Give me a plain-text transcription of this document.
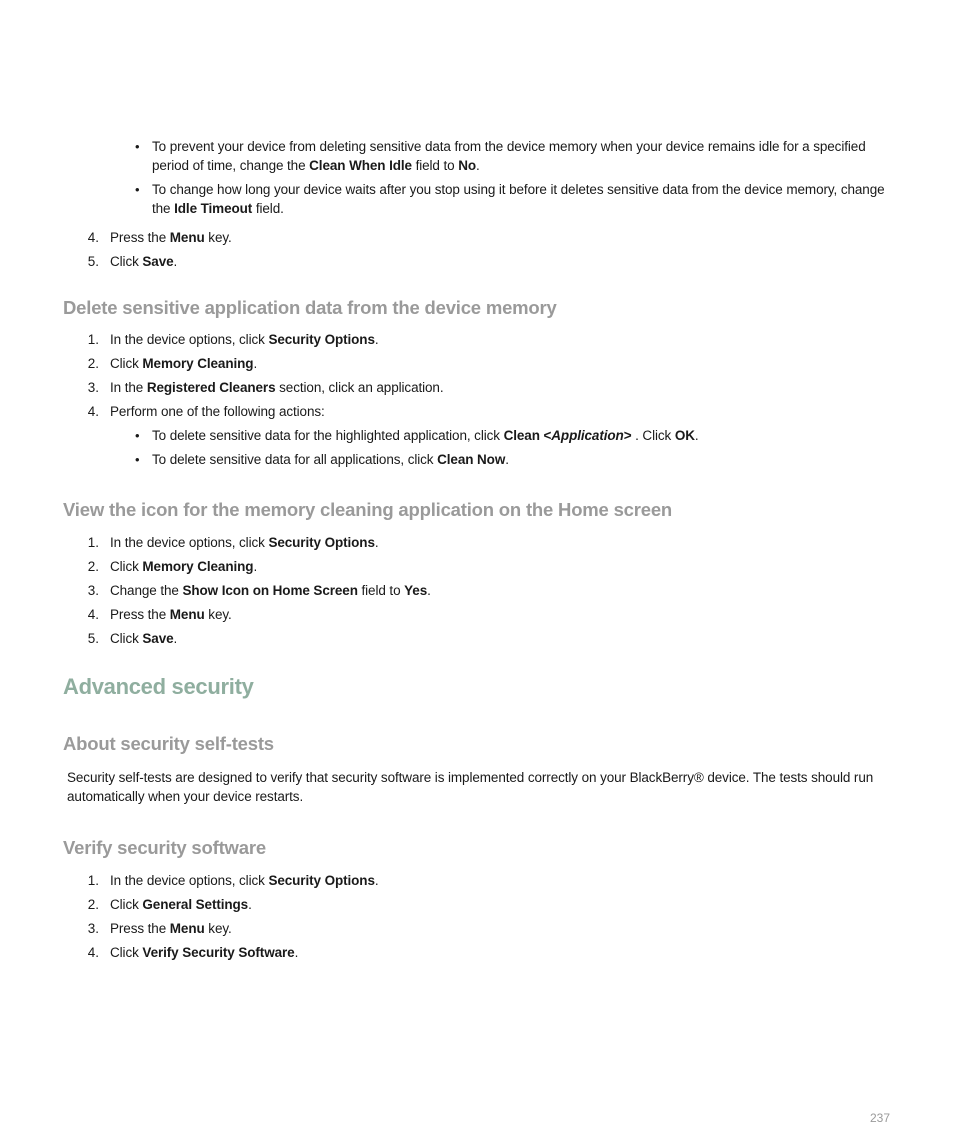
• To prevent your device from deleting sensitive data from the device memory when your device remains idle for a specified
period of time, change the Clean When Idle field to No.
• To change how long your device waits after you stop using it before it deletes sensitive data from the device memory, change
the Idle Timeout field.
4. Press the Menu key.
5. Click Save.
Delete sensitive application data from the device memory
1. In the device options, click Security Options.
2. Click Memory Cleaning.
3. In the Registered Cleaners section, click an application.
4. Perform one of the following actions:
• To delete sensitive data for the highlighted application, click Clean <Application> . Click OK.
• To delete sensitive data for all applications, click Clean Now.
View the icon for the memory cleaning application on the Home screen
1. In the device options, click Security Options.
2. Click Memory Cleaning.
3. Change the Show Icon on Home Screen field to Yes.
4. Press the Menu key.
5. Click Save.
Advanced security
About security self-tests
Security self-tests are designed to verify that security software is implemented correctly on your BlackBerry® device. The tests should run
automatically when your device restarts.
Verify security software
1. In the device options, click Security Options.
2. Click General Settings.
3. Press the Menu key.
4. Click Verify Security Software.
237
